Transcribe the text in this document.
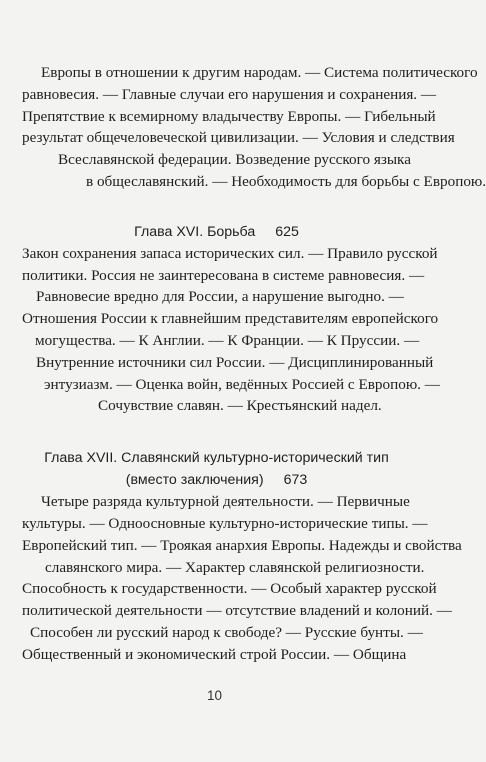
Европы в отношении к другим народам. — Система политического
равновесия. — Главные случаи его нарушения и сохранения. —
Препятствие к всемирному владычеству Европы. — Гибельный
результат общечеловеческой цивилизации. — Условия и следствия
Всеславянской федерации. Возведение русского языка
в общеславянский. — Необходимость для борьбы с Европою.
Глава XVI. Борьба 625
Закон сохранения запаса исторических сил. — Правило русской
политики. Россия не заинтересована в системе равновесия. —
Равновесие вредно для России, а нарушение выгодно. —
Отношения России к главнейшим представителям европейского
могущества. — К Англии. — К Франции. — К Пруссии. —
Внутренние источники сил России. — Дисциплинированный
энтузиазм. — Оценка войн, ведённых Россией с Европою. —
Сочувствие славян. — Крестьянский надел.
Глава XVII. Славянский культурно-исторический тип
(вместо заключения) 673
Четыре разряда культурной деятельности. — Первичные
культуры. — Одноосновные культурно-исторические типы. —
Европейский тип. — Троякая анархия Европы. Надежды и свойства
славянского мира. — Характер славянской религиозности.
Способность к государственности. — Особый характер русской
политической деятельности — отсутствие владений и колоний. —
Способен ли русский народ к свободе? — Русские бунты. —
Общественный и экономический строй России. — Община
10
